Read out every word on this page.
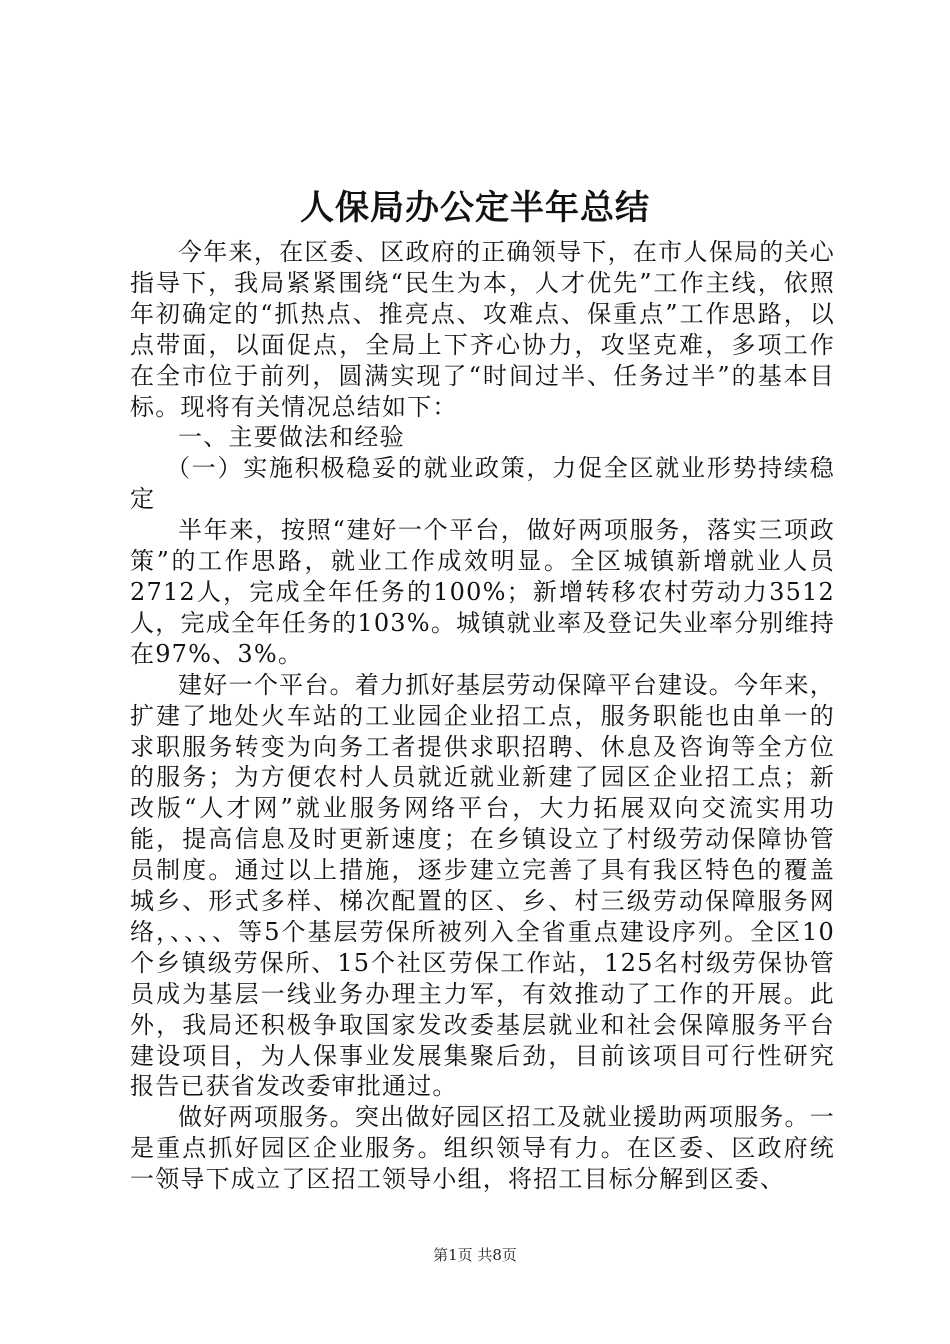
人保局办公定半年总结

今年来，在区委、区政府的正确领导下，在市人保局的关心指导下，我局紧紧围绕“民生为本，人才优先”工作主线，依照年初确定的“抓热点、推亮点、攻难点、保重点”工作思路，以点带面，以面促点，全局上下齐心协力，攻坚克难，多项工作在全市位于前列，圆满实现了“时间过半、任务过半”的基本目标。现将有关情况总结如下：

一、主要做法和经验

（一）实施积极稳妥的就业政策，力促全区就业形势持续稳定

半年来，按照“建好一个平台，做好两项服务，落实三项政策”的工作思路，就业工作成效明显。全区城镇新增就业人员2712人，完成全年任务的100%；新增转移农村劳动力3512人，完成全年任务的103%。城镇就业率及登记失业率分别维持在97%、3%。

建好一个平台。着力抓好基层劳动保障平台建设。今年来，扩建了地处火车站的工业园企业招工点，服务职能也由单一的求职服务转变为向务工者提供求职招聘、休息及咨询等全方位的服务；为方便农村人员就近就业新建了园区企业招工点；新改版“人才网”就业服务网络平台，大力拓展双向交流实用功能，提高信息及时更新速度；在乡镇设立了村级劳动保障协管员制度。通过以上措施，逐步建立完善了具有我区特色的覆盖城乡、形式多样、梯次配置的区、乡、村三级劳动保障服务网络，、、、、等5个基层劳保所被列入全省重点建设序列。全区10个乡镇级劳保所、15个社区劳保工作站，125名村级劳保协管员成为基层一线业务办理主力军，有效推动了工作的开展。此外，我局还积极争取国家发改委基层就业和社会保障服务平台建设项目，为人保事业发展集聚后劲，目前该项目可行性研究报告已获省发改委审批通过。

做好两项服务。突出做好园区招工及就业援助两项服务。一是重点抓好园区企业服务。组织领导有力。在区委、区政府统一领导下成立了区招工领导小组，将招工目标分解到区委、

第1页 共8页
